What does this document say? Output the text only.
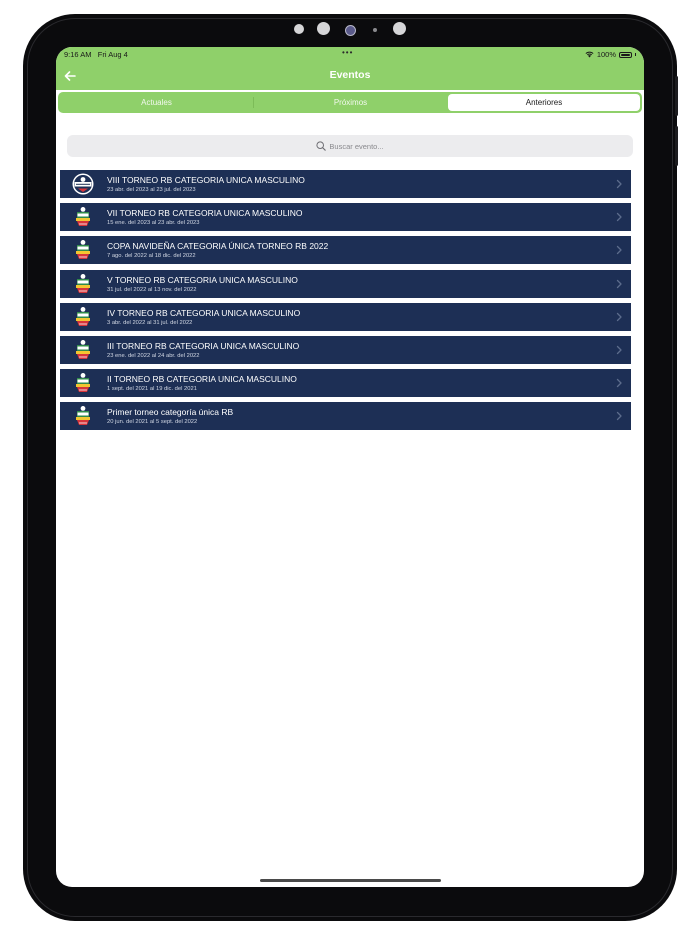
9:16 AM Fri Aug 4	•••	100%
Eventos
Actuales	Próximos	Anteriores
Buscar evento...
VIII TORNEO RB CATEGORIA UNICA MASCULINO
23 abr. del 2023 al 23 jul. del 2023
VII TORNEO RB CATEGORIA UNICA MASCULINO
15 ene. del 2023 al 23 abr. del 2023
COPA NAVIDEÑA CATEGORIA ÚNICA TORNEO RB 2022
7 ago. del 2022 al 18 dic. del 2022
V TORNEO RB CATEGORIA UNICA MASCULINO
31 jul. del 2022 al 13 nov. del 2022
IV TORNEO RB CATEGORIA UNICA MASCULINO
3 abr. del 2022 al 31 jul. del 2022
III TORNEO RB CATEGORIA UNICA MASCULINO
23 ene. del 2022 al 24 abr. del 2022
II TORNEO RB CATEGORIA UNICA MASCULINO
1 sept. del 2021 al 19 dic. del 2021
Primer torneo categoría única RB
20 jun. del 2021 al 5 sept. del 2022
